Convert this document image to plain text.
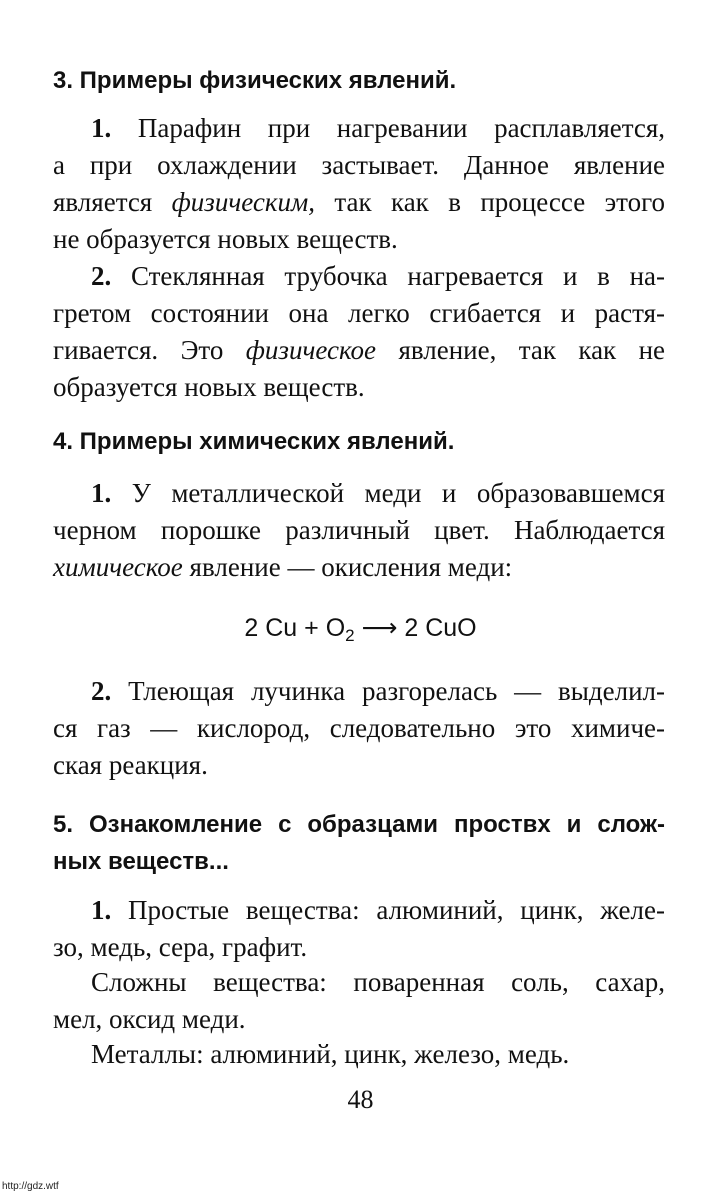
3. Примеры физических явлений.
1. Парафин при нагревании расплавляется,
а при охлаждении застывает. Данное явление
является физическим, так как в процессе этого
не образуется новых веществ.
2. Стеклянная трубочка нагревается и в на-
гретом состоянии она легко сгибается и растя-
гивается. Это физическое явление, так как не
образуется новых веществ.
4. Примеры химических явлений.
1. У металлической меди и образовавшемся
черном порошке различный цвет. Наблюдается
химическое явление — окисления меди:
2 $Cu + O_2$ ⟶ 2 CuO
2. Тлеющая лучинка разгорелась — выделил-
ся газ — кислород, следовательно это химиче-
ская реакция.
5. Ознакомление с образцами проствх и слож-
ных веществ...
1. Простые вещества: алюминий, цинк, желе-
зо, медь, сера, графит.
Сложны вещества: поваренная соль, сахар,
мел, оксид меди.
Металлы: алюминий, цинк, железо, медь.
48
http://gdz.wtf
